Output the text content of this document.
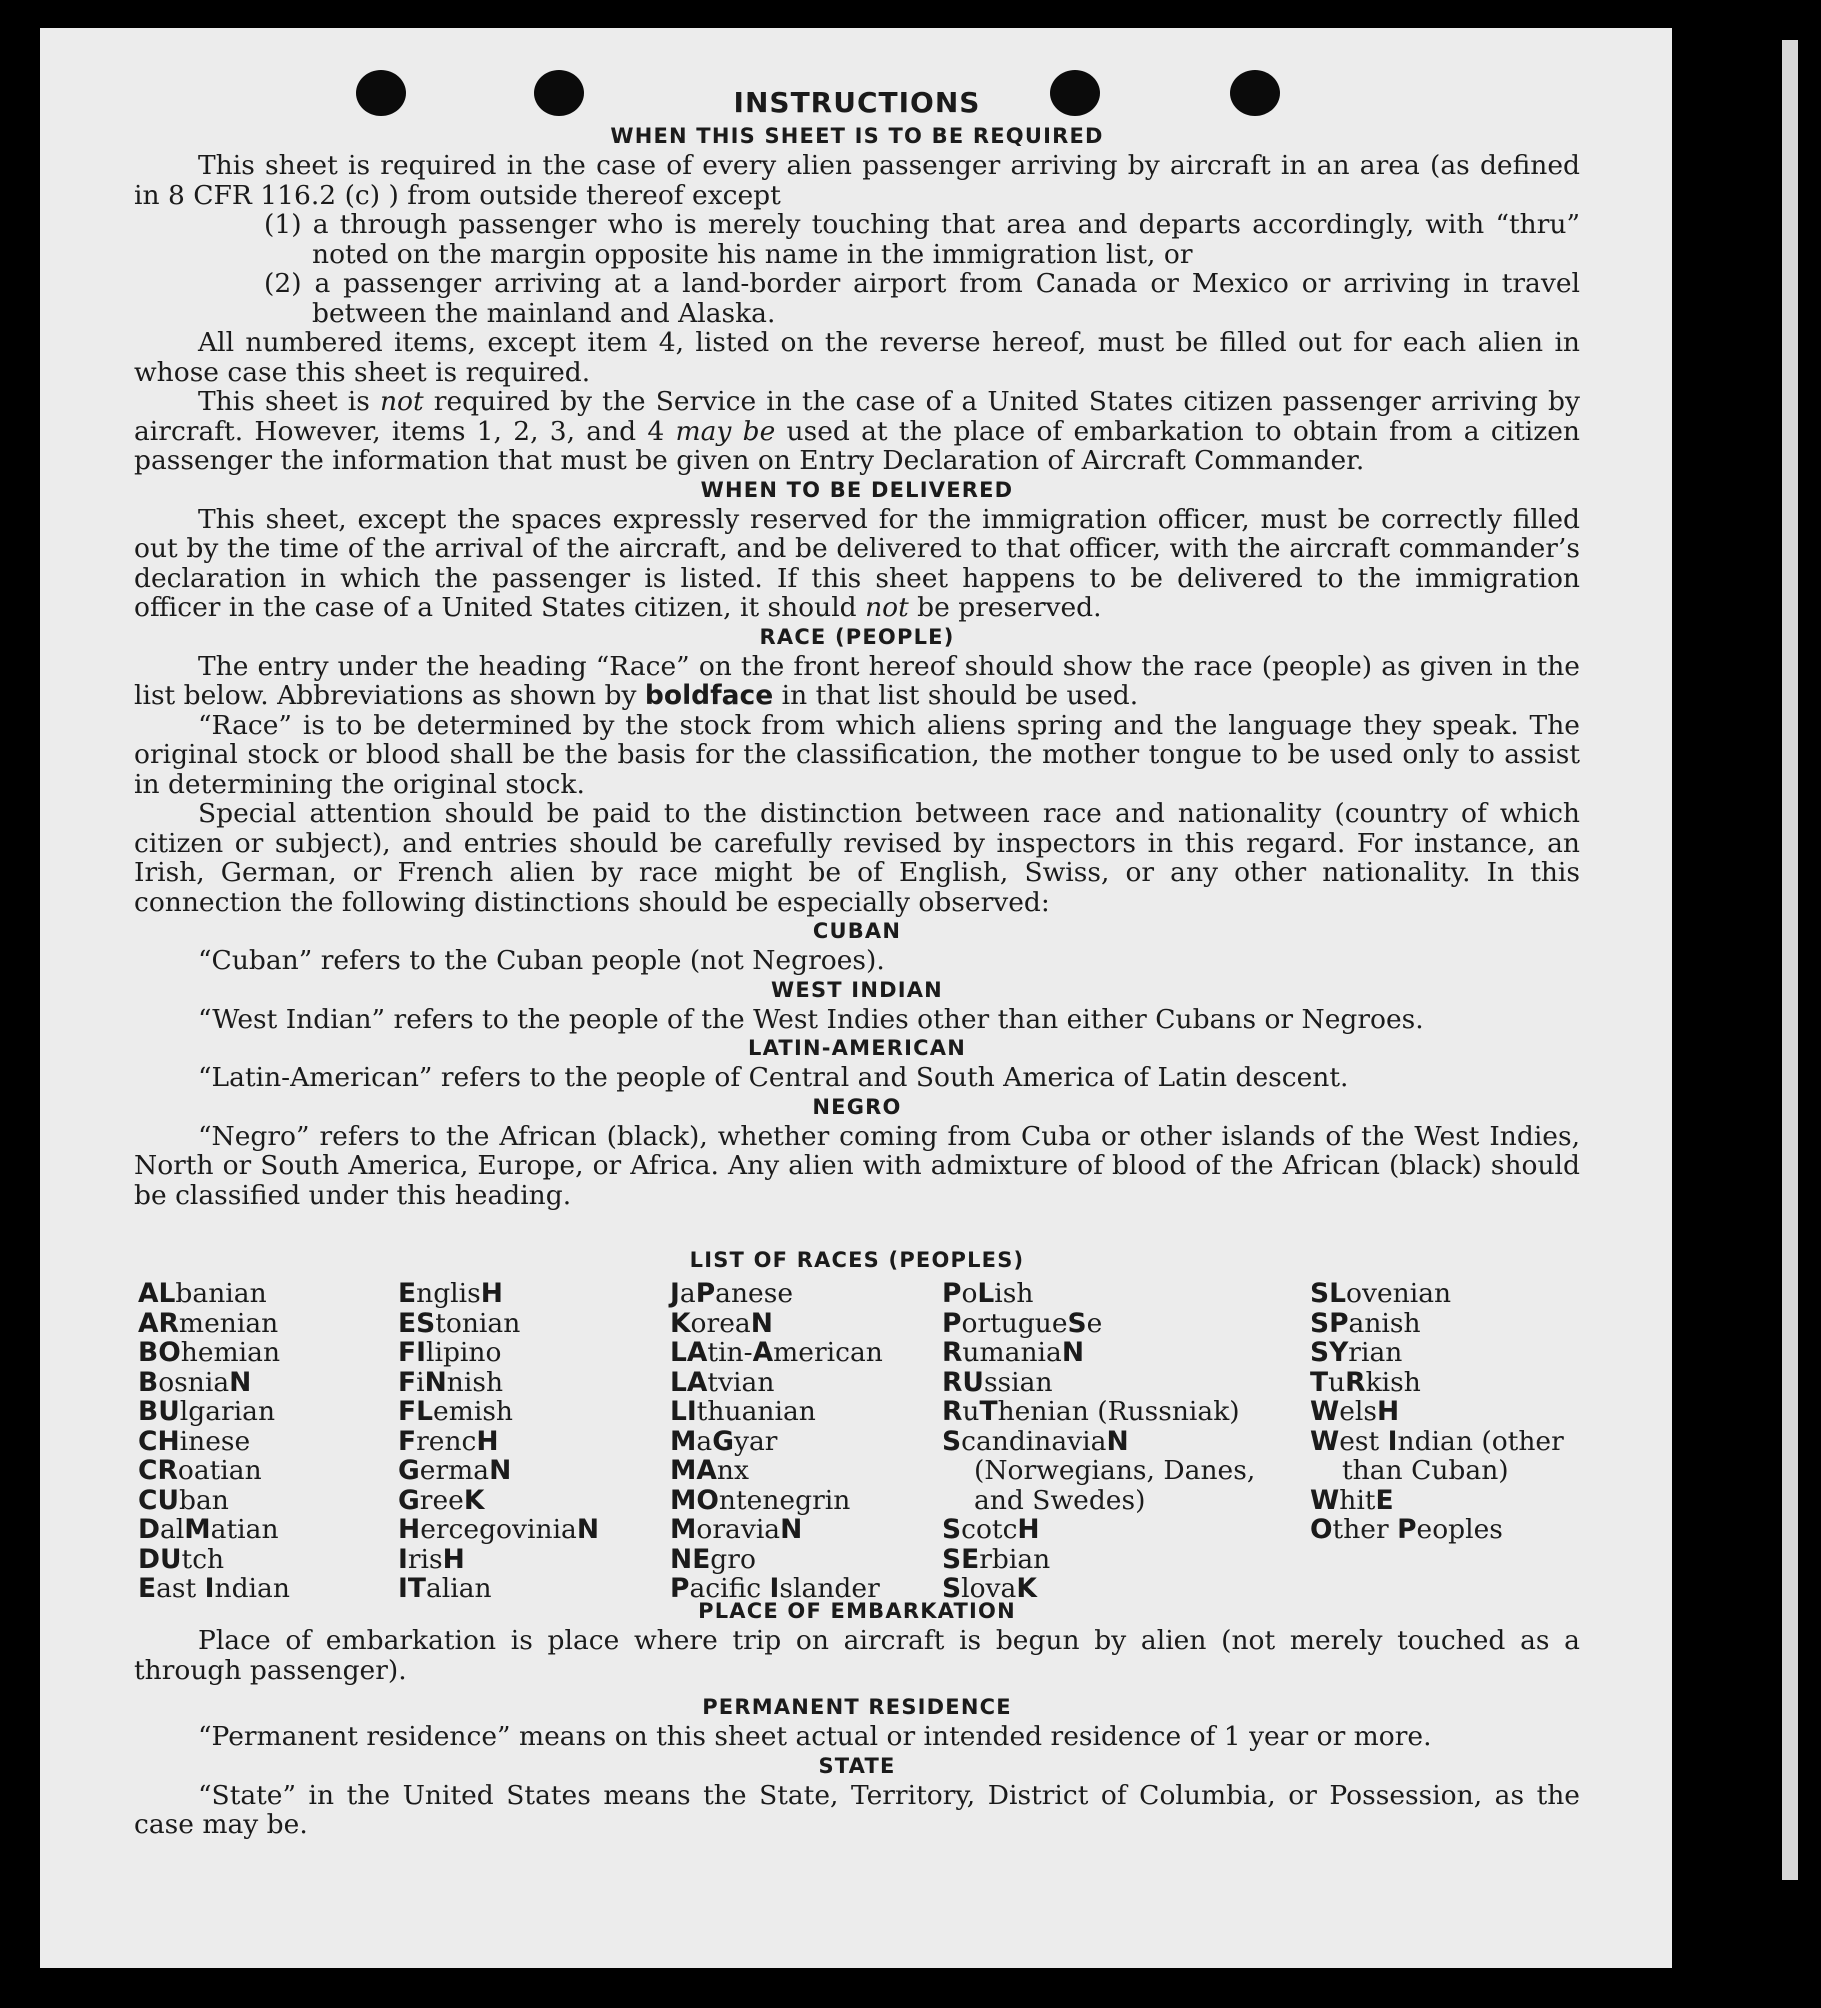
INSTRUCTIONS
WHEN THIS SHEET IS TO BE REQUIRED

This sheet is required in the case of every alien passenger arriving by aircraft in an area (as defined in 8 CFR 116.2 (c) ) from outside thereof except

(1) a through passenger who is merely touching that area and departs accordingly, with “thru” noted on the margin opposite his name in the immigration list, or

(2) a passenger arriving at a land-border airport from Canada or Mexico or arriving in travel between the mainland and Alaska.

All numbered items, except item 4, listed on the reverse hereof, must be filled out for each alien in whose case this sheet is required.

This sheet is not required by the Service in the case of a United States citizen passenger arriving by aircraft. However, items 1, 2, 3, and 4 may be used at the place of embarkation to obtain from a citizen passenger the information that must be given on Entry Declaration of Aircraft Commander.

WHEN TO BE DELIVERED

This sheet, except the spaces expressly reserved for the immigration officer, must be correctly filled out by the time of the arrival of the aircraft, and be delivered to that officer, with the aircraft commander’s declaration in which the passenger is listed. If this sheet happens to be delivered to the immigration officer in the case of a United States citizen, it should not be preserved.

RACE (PEOPLE)

The entry under the heading “Race” on the front hereof should show the race (people) as given in the list below. Abbreviations as shown by boldface in that list should be used.

“Race” is to be determined by the stock from which aliens spring and the language they speak. The original stock or blood shall be the basis for the classification, the mother tongue to be used only to assist in determining the original stock.

Special attention should be paid to the distinction between race and nationality (country of which citizen or subject), and entries should be carefully revised by inspectors in this regard. For instance, an Irish, German, or French alien by race might be of English, Swiss, or any other nationality. In this connection the following distinctions should be especially observed:

CUBAN

“Cuban” refers to the Cuban people (not Negroes).

WEST INDIAN

“West Indian” refers to the people of the West Indies other than either Cubans or Negroes.

LATIN-AMERICAN

“Latin-American” refers to the people of Central and South America of Latin descent.

NEGRO

“Negro” refers to the African (black), whether coming from Cuba or other islands of the West Indies, North or South America, Europe, or Africa. Any alien with admixture of blood of the African (black) should be classified under this heading.

LIST OF RACES (PEOPLES)
ALbanian
ARmenian
BOhemian
BosniaN
BUlgarian
CHinese
CRoatian
CUban
DalMatian
DUtch
East Indian
EnglisH
EStonian
FIlipino
FiNnish
FLemish
FrencH
GermaN
GreeK
HercegoviniaN
IrisH
ITalian
JaPanese
KoreaN
LAtin-American
LAtvian
LIthuanian
MaGyar
MAnx
MOntenegrin
MoraviaN
NEgro
Pacifc Islander
PoLish
PortugueSe
RumaniaN
RUssian
RuThenian (Russniak)
ScandinaviaN (Norwegians, Danes, and Swedes)
ScotcH
SErbian
SlovaK
SLovenian
SPanish
SYrian
TuRkish
WelsH
West Indian (other than Cuban)
WhitE
Other Peoples
PLACE OF EMBARKATION

Place of embarkation is place where trip on aircraft is begun by alien (not merely touched as a through passenger).

PERMANENT RESIDENCE

“Permanent residence” means on this sheet actual or intended residence of 1 year or more.

STATE

“State” in the United States means the State, Territory, District of Columbia, or Possession, as the case may be.
